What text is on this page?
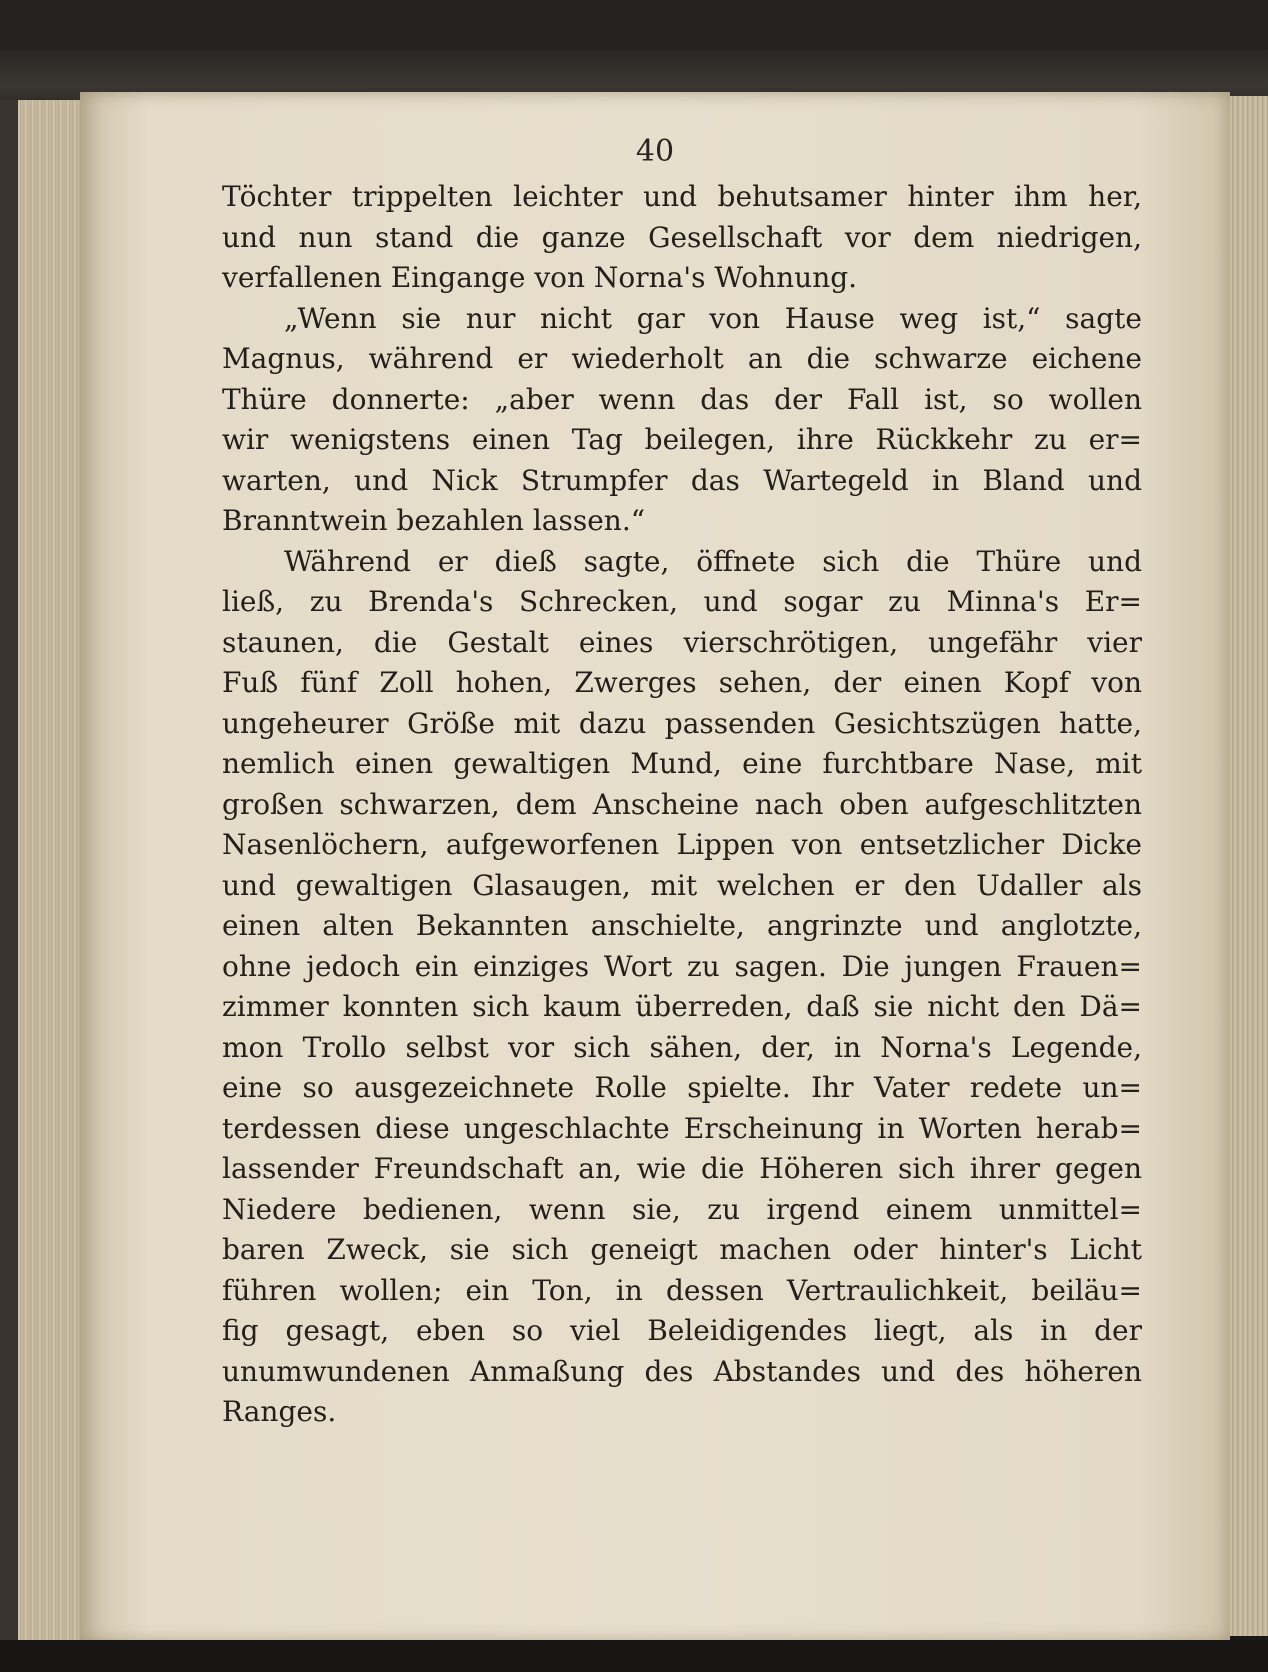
40

Töchter trippelten leichter und behutsamer hinter ihm her,
und nun stand die ganze Gesellschaft vor dem niedrigen,
verfallenen Eingange von Norna's Wohnung.
„Wenn sie nur nicht gar von Hause weg ist,“ sagte
Magnus, während er wiederholt an die schwarze eichene
Thüre donnerte: „aber wenn das der Fall ist, so wollen
wir wenigstens einen Tag beilegen, ihre Rückkehr zu er=
warten, und Nick Strumpfer das Wartegeld in Bland und
Branntwein bezahlen lassen.“
Während er dieß sagte, öffnete sich die Thüre und
ließ, zu Brenda's Schrecken, und sogar zu Minna's Er=
staunen, die Gestalt eines vierschrötigen, ungefähr vier
Fuß fünf Zoll hohen, Zwerges sehen, der einen Kopf von
ungeheurer Größe mit dazu passenden Gesichtszügen hatte,
nemlich einen gewaltigen Mund, eine furchtbare Nase, mit
großen schwarzen, dem Anscheine nach oben aufgeschlitzten
Nasenlöchern, aufgeworfenen Lippen von entsetzlicher Dicke
und gewaltigen Glasaugen, mit welchen er den Udaller als
einen alten Bekannten anschielte, angrinzte und anglotzte,
ohne jedoch ein einziges Wort zu sagen. Die jungen Frauen=
zimmer konnten sich kaum überreden, daß sie nicht den Dä=
mon Trollo selbst vor sich sähen, der, in Norna's Legende,
eine so ausgezeichnete Rolle spielte. Ihr Vater redete un=
terdessen diese ungeschlachte Erscheinung in Worten herab=
lassender Freundschaft an, wie die Höheren sich ihrer gegen
Niedere bedienen, wenn sie, zu irgend einem unmittel=
baren Zweck, sie sich geneigt machen oder hinter's Licht
führen wollen; ein Ton, in dessen Vertraulichkeit, beiläu=
fig gesagt, eben so viel Beleidigendes liegt, als in der
unumwundenen Anmaßung des Abstandes und des höheren
Ranges.
